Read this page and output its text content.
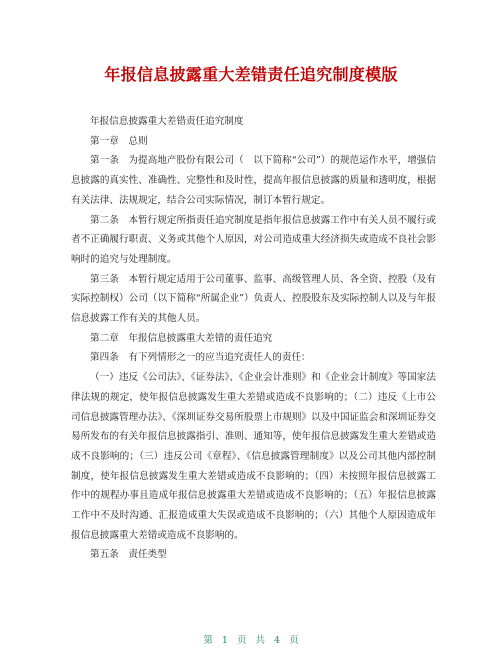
年报信息披露重大差错责任追究制度模版

年报信息披露重大差错责任追究制度

第一章　总则

第一条　为提高地产股份有限公司（　以下简称“公司”）的规范运作水平，增强信息披露的真实性、准确性、完整性和及时性，提高年报信息披露的质量和透明度，根据有关法律、法规规定，结合公司实际情况，制订本暂行规定。

第二条　本暂行规定所指责任追究制度是指年报信息披露工作中有关人员不履行或者不正确履行职责、义务或其他个人原因，对公司造成重大经济损失或造成不良社会影响时的追究与处理制度。

第三条　本暂行规定适用于公司董事、监事、高级管理人员、各全资、控股（及有实际控制权）公司（以下简称“所属企业”）负责人、控股股东及实际控制人以及与年报信息披露工作有关的其他人员。

第二章　年报信息披露重大差错的责任追究

第四条　有下列情形之一的应当追究责任人的责任：

（一）违反《公司法》、《证券法》、《企业会计准则》和《企业会计制度》等国家法律法规的规定，使年报信息披露发生重大差错或造成不良影响的；（二）违反《上市公司信息披露管理办法》、《深圳证券交易所股票上市规则》以及中国证监会和深圳证券交易所发布的有关年报信息披露指引、准则、通知等，使年报信息披露发生重大差错或造成不良影响的；（三）违反公司《章程》、《信息披露管理制度》以及公司其他内部控制制度，使年报信息披露发生重大差错或造成不良影响的；（四）未按照年报信息披露工作中的规程办事且造成年报信息披露重大差错或造成不良影响的；（五）年报信息披露工作中不及时沟通、汇报造成重大失误或造成不良影响的；（六）其他个人原因造成年报信息披露重大差错或造成不良影响的。

第五条　责任类型

第 1 页 共 4 页
